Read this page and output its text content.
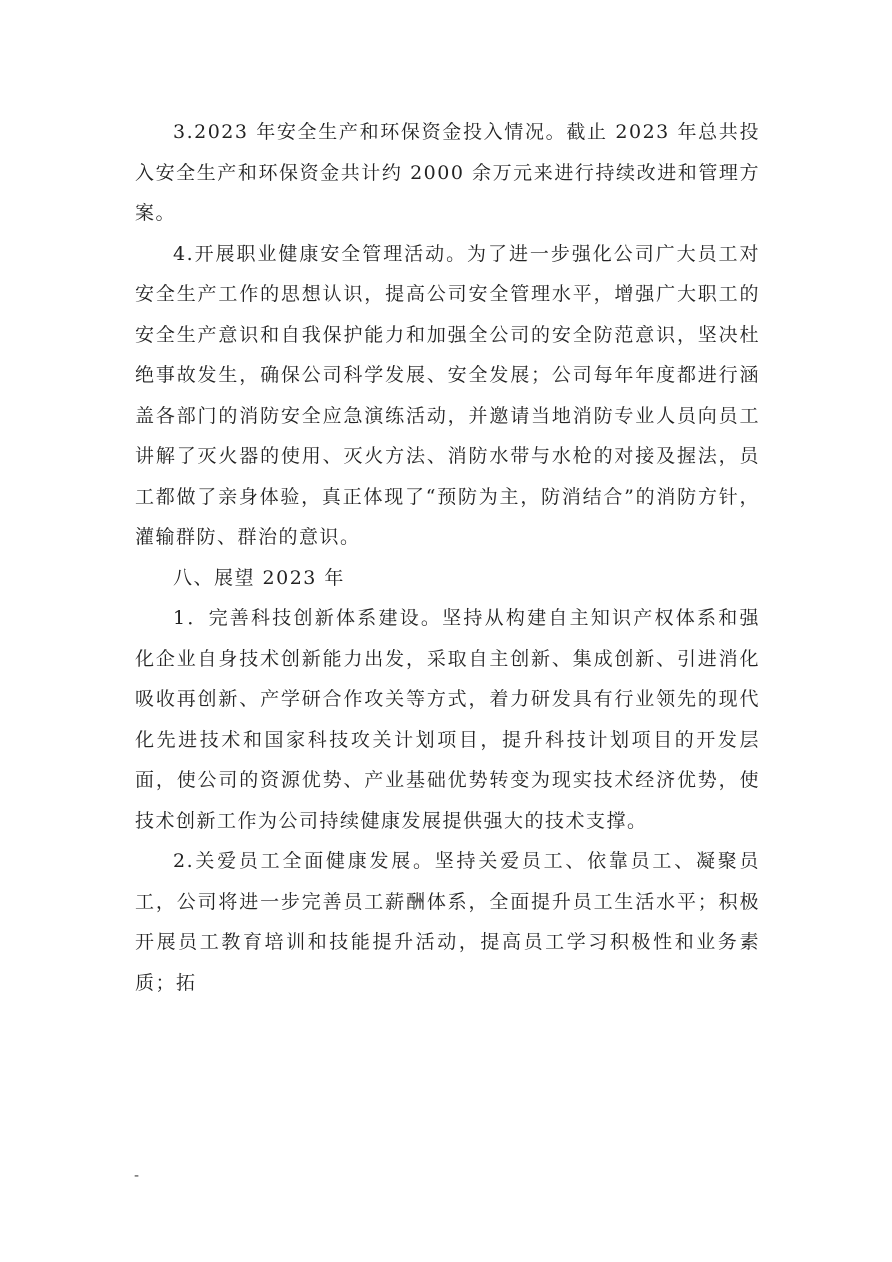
3.2023 年安全生产和环保资金投入情况。截止 2023 年总共投入安全生产和环保资金共计约 2000 余万元来进行持续改进和管理方案。

4.开展职业健康安全管理活动。为了进一步强化公司广大员工对安全生产工作的思想认识，提高公司安全管理水平，增强广大职工的安全生产意识和自我保护能力和加强全公司的安全防范意识，坚决杜绝事故发生，确保公司科学发展、安全发展；公司每年年度都进行涵盖各部门的消防安全应急演练活动，并邀请当地消防专业人员向员工讲解了灭火器的使用、灭火方法、消防水带与水枪的对接及握法，员工都做了亲身体验，真正体现了“预防为主，防消结合”的消防方针，灌输群防、群治的意识。

八、展望 2023 年

1．完善科技创新体系建设。坚持从构建自主知识产权体系和强化企业自身技术创新能力出发，采取自主创新、集成创新、引进消化吸收再创新、产学研合作攻关等方式，着力研发具有行业领先的现代化先进技术和国家科技攻关计划项目，提升科技计划项目的开发层面，使公司的资源优势、产业基础优势转变为现实技术经济优势，使技术创新工作为公司持续健康发展提供强大的技术支撑。

2.关爱员工全面健康发展。坚持关爱员工、依靠员工、凝聚员工，公司将进一步完善员工薪酬体系，全面提升员工生活水平；积极开展员工教育培训和技能提升活动，提高员工学习积极性和业务素质；拓

-
